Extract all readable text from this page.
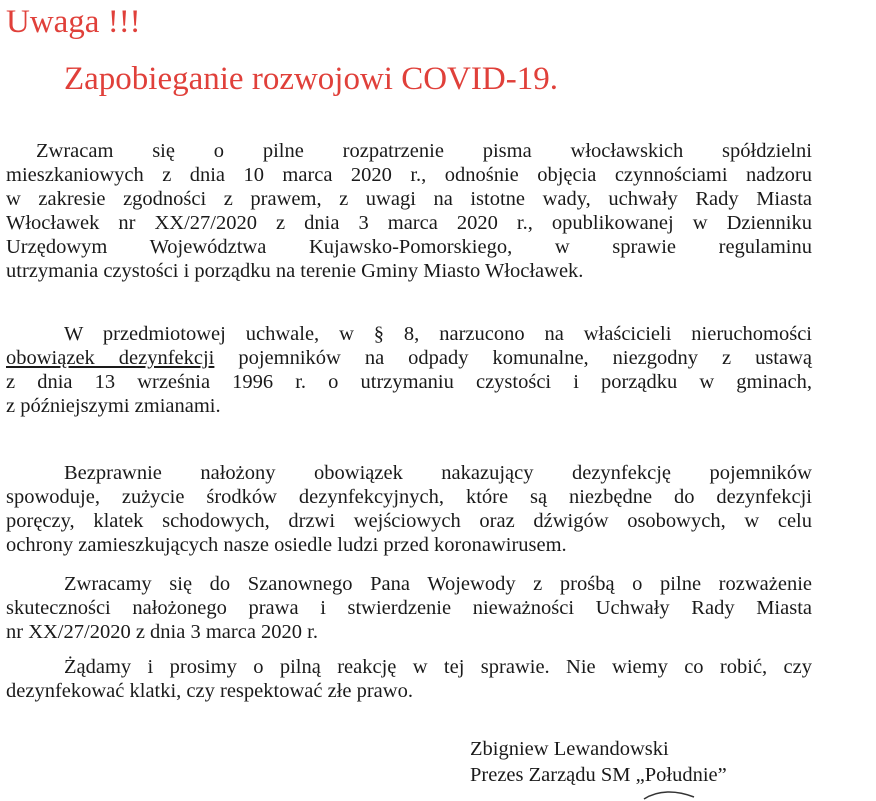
Uwaga !!!
Zapobieganie rozwojowi COVID-19.
Zwracam się o pilne rozpatrzenie pisma włocławskich spółdzielni
mieszkaniowych z dnia 10 marca 2020 r., odnośnie objęcia czynnościami nadzoru
w zakresie zgodności z prawem, z uwagi na istotne wady, uchwały Rady Miasta
Włocławek nr XX/27/2020 z dnia 3 marca 2020 r., opublikowanej w Dzienniku
Urzędowym Województwa Kujawsko-Pomorskiego, w sprawie regulaminu
utrzymania czystości i porządku na terenie Gminy Miasto Włocławek.
W przedmiotowej uchwale, w § 8, narzucono na właścicieli nieruchomości
obowiązek dezynfekcji pojemników na odpady komunalne, niezgodny z ustawą
z dnia 13 września 1996 r. o utrzymaniu czystości i porządku w gminach,
z późniejszymi zmianami.
Bezprawnie nałożony obowiązek nakazujący dezynfekcję pojemników
spowoduje, zużycie środków dezynfekcyjnych, które są niezbędne do dezynfekcji
poręczy, klatek schodowych, drzwi wejściowych oraz dźwigów osobowych, w celu
ochrony zamieszkujących nasze osiedle ludzi przed koronawirusem.
Zwracamy się do Szanownego Pana Wojewody z prośbą o pilne rozważenie
skuteczności nałożonego prawa i stwierdzenie nieważności Uchwały Rady Miasta
nr XX/27/2020 z dnia 3 marca 2020 r.
Żądamy i prosimy o pilną reakcję w tej sprawie. Nie wiemy co robić, czy
dezynfekować klatki, czy respektować złe prawo.

Zbigniew Lewandowski

Prezes Zarządu SM „Południe”
